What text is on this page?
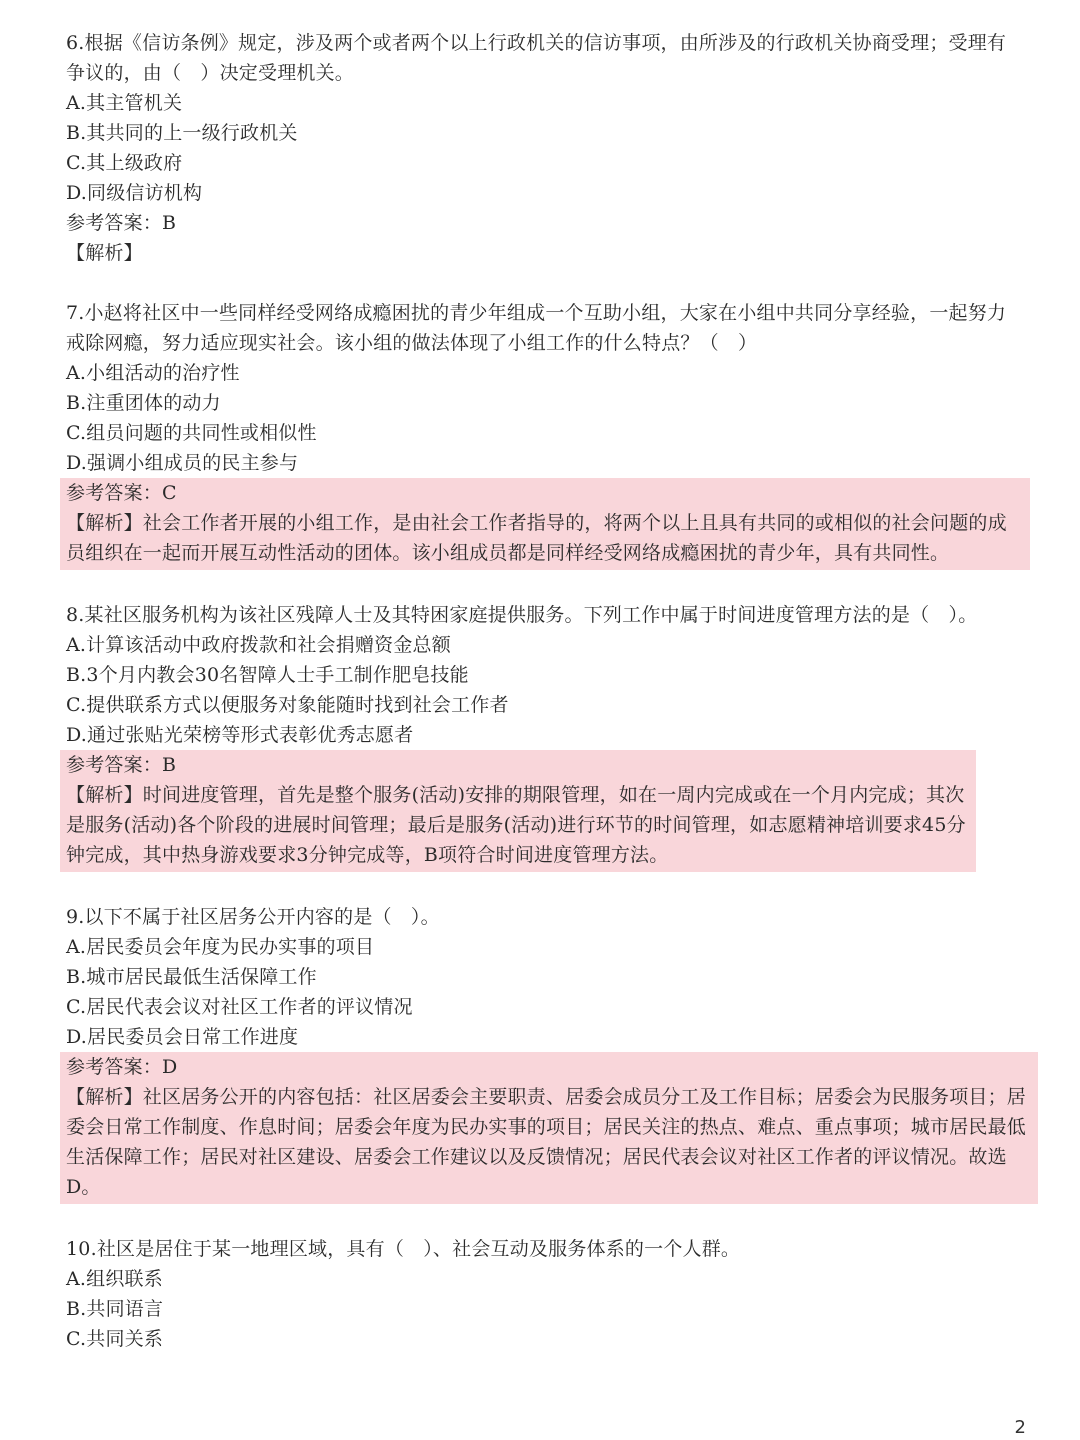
6.根据《信访条例》规定，涉及两个或者两个以上行政机关的信访事项，由所涉及的行政机关协商受理；受理有争议的，由（　）决定受理机关。
A.其主管机关
B.其共同的上一级行政机关
C.其上级政府
D.同级信访机构
参考答案：B
【解析】
7.小赵将社区中一些同样经受网络成瘾困扰的青少年组成一个互助小组，大家在小组中共同分享经验，一起努力戒除网瘾，努力适应现实社会。该小组的做法体现了小组工作的什么特点？（　）
A.小组活动的治疗性
B.注重团体的动力
C.组员问题的共同性或相似性
D.强调小组成员的民主参与
参考答案：C
【解析】社会工作者开展的小组工作，是由社会工作者指导的，将两个以上且具有共同的或相似的社会问题的成员组织在一起而开展互动性活动的团体。该小组成员都是同样经受网络成瘾困扰的青少年，具有共同性。
8.某社区服务机构为该社区残障人士及其特困家庭提供服务。下列工作中属于时间进度管理方法的是（　）。
A.计算该活动中政府拨款和社会捐赠资金总额
B.3个月内教会30名智障人士手工制作肥皂技能
C.提供联系方式以便服务对象能随时找到社会工作者
D.通过张贴光荣榜等形式表彰优秀志愿者
参考答案：B
【解析】时间进度管理，首先是整个服务(活动)安排的期限管理，如在一周内完成或在一个月内完成；其次是服务(活动)各个阶段的进展时间管理；最后是服务(活动)进行环节的时间管理，如志愿精神培训要求45分钟完成，其中热身游戏要求3分钟完成等，B项符合时间进度管理方法。
9.以下不属于社区居务公开内容的是（　）。
A.居民委员会年度为民办实事的项目
B.城市居民最低生活保障工作
C.居民代表会议对社区工作者的评议情况
D.居民委员会日常工作进度
参考答案：D
【解析】社区居务公开的内容包括：社区居委会主要职责、居委会成员分工及工作目标；居委会为民服务项目；居委会日常工作制度、作息时间；居委会年度为民办实事的项目；居民关注的热点、难点、重点事项；城市居民最低生活保障工作；居民对社区建设、居委会工作建议以及反馈情况；居民代表会议对社区工作者的评议情况。故选D。
10.社区是居住于某一地理区域，具有（　）、社会互动及服务体系的一个人群。
A.组织联系
B.共同语言
C.共同关系
2
